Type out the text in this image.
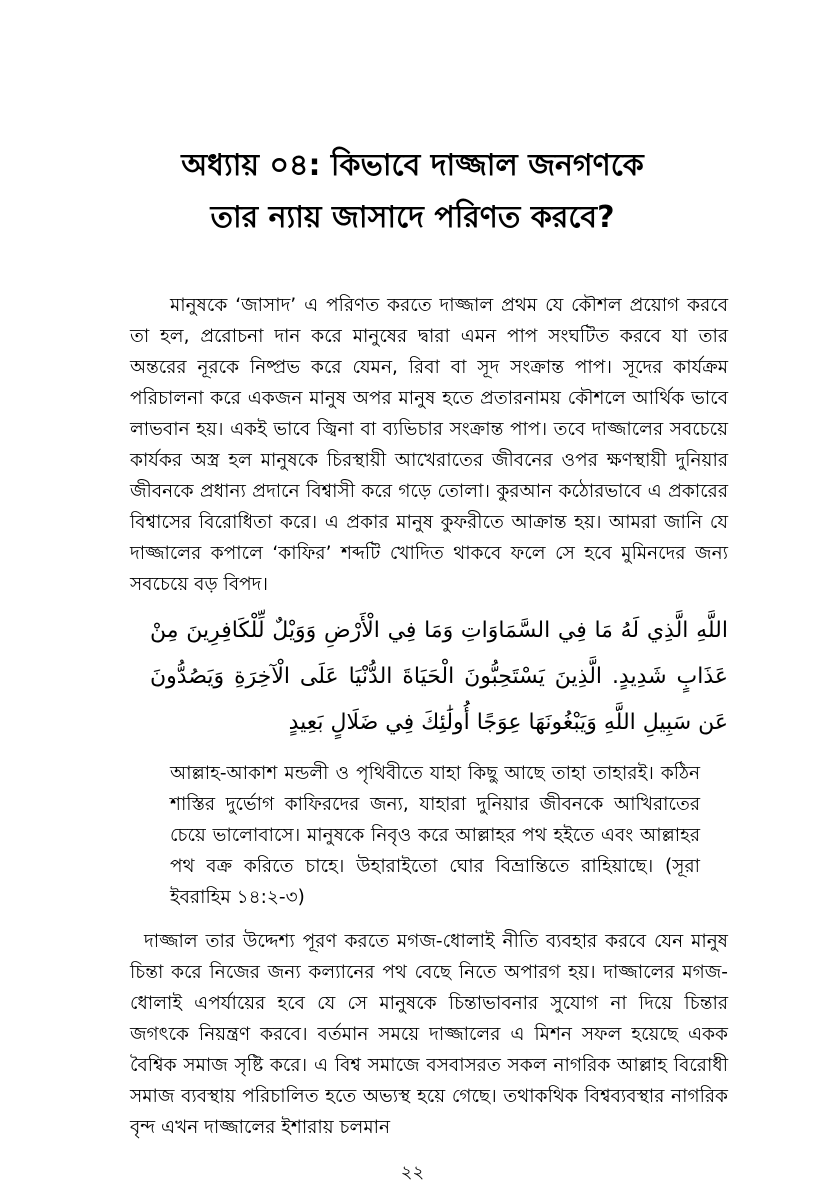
অধ্যায় ০৪: কিভাবে দাজ্জাল জনগণকে
তার ন্যায় জাসাদে পরিণত করবে?

মানুষকে ‘জাসাদ’ এ পরিণত করতে দাজ্জাল প্রথম যে কৌশল প্রয়োগ করবে তা হল, প্ররোচনা দান করে মানুষের দ্বারা এমন পাপ সংঘটিত করবে যা তার অন্তরের নূরকে নিষ্প্রভ করে যেমন, রিবা বা সূদ সংক্রান্ত পাপ। সূদের কার্যক্রম পরিচালনা করে একজন মানুষ অপর মানুষ হতে প্রতারনাময় কৌশলে আর্থিক ভাবে লাভবান হয়। একই ভাবে জ্বিনা বা ব্যভিচার সংক্রান্ত পাপ। তবে দাজ্জালের সবচেয়ে কার্যকর অস্ত্র হল মানুষকে চিরস্থায়ী আখেরাতের জীবনের ওপর ক্ষণস্থায়ী দুনিয়ার জীবনকে প্রধান্য প্রদানে বিশ্বাসী করে গড়ে তোলা। কুরআন কঠোরভাবে এ প্রকারের বিশ্বাসের বিরোধিতা করে। এ প্রকার মানুষ কুফরীতে আক্রান্ত হয়। আমরা জানি যে দাজ্জালের কপালে ‘কাফির’ শব্দটি খোদিত থাকবে ফলে সে হবে মুমিনদের জন্য সবচেয়ে বড় বিপদ।

اللَّهِ الَّذِي لَهُ مَا فِي السَّمَاوَاتِ وَمَا فِي الْأَرْضِ وَوَيْلٌ لِّلْكَافِرِينَ مِنْ عَذَابٍ شَدِيدٍ. الَّذِينَ يَسْتَحِبُّونَ الْحَيَاةَ الدُّنْيَا عَلَى الْآخِرَةِ وَيَصُدُّونَ عَن سَبِيلِ اللَّهِ وَيَبْغُونَهَا عِوَجًا أُولَٰئِكَ فِي ضَلَالٍ بَعِيدٍ

আল্লাহ-আকাশ মন্ডলী ও পৃথিবীতে যাহা কিছু আছে তাহা তাহারই। কঠিন শাস্তির দুর্ভোগ কাফিরদের জন্য, যাহারা দুনিয়ার জীবনকে আখিরাতের চেয়ে ভালোবাসে। মানুষকে নিবৃও করে আল্লাহর পথ হইতে এবং আল্লাহর পথ বক্র করিতে চাহে। উহারাইতো ঘোর বিভ্রান্তিতে রাহিয়াছে। (সূরা ইবরাহিম ১৪:২-৩)

দাজ্জাল তার উদ্দেশ্য পূরণ করতে মগজ-ধোলাই নীতি ব্যবহার করবে যেন মানুষ চিন্তা করে নিজের জন্য কল্যানের পথ বেছে নিতে অপারগ হয়। দাজ্জালের মগজ-ধোলাই এপর্যায়ের হবে যে সে মানুষকে চিন্তাভাবনার সুযোগ না দিয়ে চিন্তার জগৎকে নিয়ন্ত্রণ করবে। বর্তমান সময়ে দাজ্জালের এ মিশন সফল হয়েছে একক বৈশ্বিক সমাজ সৃষ্টি করে। এ বিশ্ব সমাজে বসবাসরত সকল নাগরিক আল্লাহ বিরোধী সমাজ ব্যবস্থায় পরিচালিত হতে অভ্যস্থ হয়ে গেছে। তথাকথিক বিশ্বব্যবস্থার নাগরিক বৃন্দ এখন দাজ্জালের ইশারায় চলমান

২২
